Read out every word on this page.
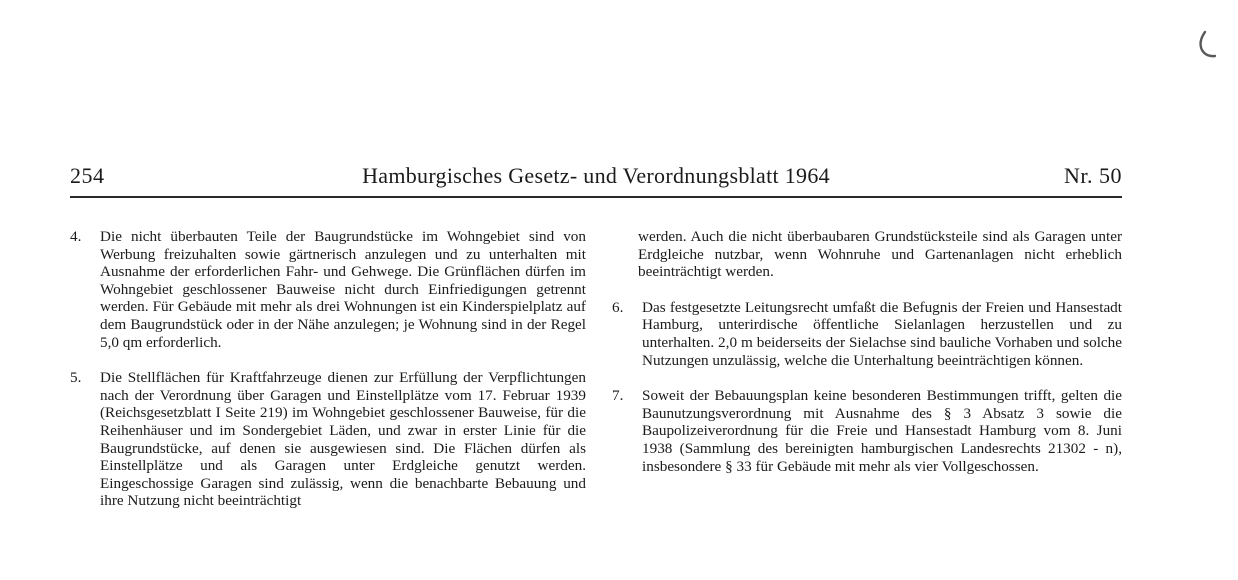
254	Hamburgisches Gesetz- und Verordnungsblatt 1964	Nr. 50
4.	Die nicht überbauten Teile der Baugrundstücke im Wohngebiet sind von Werbung freizuhalten sowie gärtnerisch anzulegen und zu unterhalten mit Ausnahme der erforderlichen Fahr- und Gehwege. Die Grünflächen dürfen im Wohngebiet geschlossener Bauweise nicht durch Einfriedigungen getrennt werden. Für Gebäude mit mehr als drei Wohnungen ist ein Kinderspielplatz auf dem Baugrundstück oder in der Nähe anzulegen; je Wohnung sind in der Regel 5,0 qm erforderlich.
5.	Die Stellflächen für Kraftfahrzeuge dienen zur Erfüllung der Verpflichtungen nach der Verordnung über Garagen und Einstellplätze vom 17. Februar 1939 (Reichsgesetzblatt I Seite 219) im Wohngebiet geschlossener Bauweise, für die Reihenhäuser und im Sondergebiet Läden, und zwar in erster Linie für die Baugrundstücke, auf denen sie ausgewiesen sind. Die Flächen dürfen als Einstellplätze und als Garagen unter Erdgleiche genutzt werden. Eingeschossige Garagen sind zulässig, wenn die benachbarte Bebauung und ihre Nutzung nicht beeinträchtigt
werden. Auch die nicht überbaubaren Grundstücksteile sind als Garagen unter Erdgleiche nutzbar, wenn Wohnruhe und Gartenanlagen nicht erheblich beeinträchtigt werden.
6.	Das festgesetzte Leitungsrecht umfaßt die Befugnis der Freien und Hansestadt Hamburg, unterirdische öffentliche Sielanlagen herzustellen und zu unterhalten. 2,0 m beiderseits der Sielachse sind bauliche Vorhaben und solche Nutzungen unzulässig, welche die Unterhaltung beeinträchtigen können.
7.	Soweit der Bebauungsplan keine besonderen Bestimmungen trifft, gelten die Baunutzungsverordnung mit Ausnahme des § 3 Absatz 3 sowie die Baupolizeiverordnung für die Freie und Hansestadt Hamburg vom 8. Juni 1938 (Sammlung des bereinigten hamburgischen Landesrechts 21302 - n), insbesondere § 33 für Gebäude mit mehr als vier Vollgeschossen.
